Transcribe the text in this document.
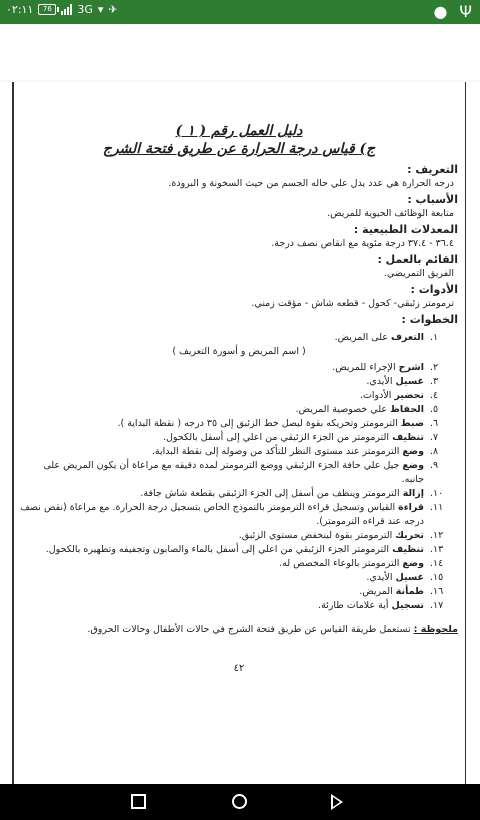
٠٢:١١	76	3G ▾ ✈	● Ψ
دليل العمل رقم ( ١ )
ج) قياس درجة الحرارة عن طريق فتحة الشرج
التعريف :
درجه الحرارة هي عدد يدل علي حاله الجسم من حيث السخونة و البرودة.
الأسباب :
متابعة الوظائف الحيوية للمريض.
المعدلات الطبيعية :
٣٦.٤ - ٣٧.٤ درجة مئوية مع انقاص نصف درجة.
القائم بالعمل :
الفريق التمريضي.
الأدوات :
ترمومتر زئبقي- كحول - قطعه شاش - مؤقت زمني.
الخطوات :
١.
التعرف على المريض.
( اسم المريض و أسورة التعريف )
٢.
اشرح الإجراء للمريض.
٣.
غسيل الأيدي.
٤.
تحضير الأدوات.
٥.
الحفاظ علي خصوصية المريض.
٦.
ضبط الترمومتر وتحريكه بقوة ليصل خط الزئبق إلى ٣٥ درجه ( نقطة البداية ).
٧.
تنظيف الترمومتر من الجزء الزئبقي من اعلي إلى أسفل بالكحول.
٨.
وضع الترمومتر عند مستوى النظر للتأكد من وصوله إلى نقطة البداية.
٩.
وضع جيل علي حافة الجزء الزئبقي ووضع الترمومتر لمده دقيقه مع مراعاة أن يكون المريض على جانبه.
١٠.
إزالة الترمومتر وينظف من أسفل إلى الجزء الزئبقي بقطعة شاش جافة.
١١.
قراءة القياس وتسجيل قراءة الترمومتر بالنموذج الخاص بتسجيل درجة الحرارة. مع مراعاة (نقص نصف درجه عند قراءه الترمومتر).
١٢.
تحريك الترمومتر بقوة لينخفض مستوي الزئبق.
١٣.
تنظيف الترمومتر الجزء الزئبقي من اعلي إلى أسفل بالماء والصابون وتجفيفه وتطهيره بالكحول.
١٤.
وضع الترمومتر بالوعاء المخصص له.
١٥.
غسيل الأيدي.
١٦.
طمأنة المريض.
١٧.
تسجيل أية علامات طارئة.
ملحوظة : تستعمل طريقة القياس عن طريق فتحة الشرج في حالات الأطفال وحالات الحروق.
٤٢
